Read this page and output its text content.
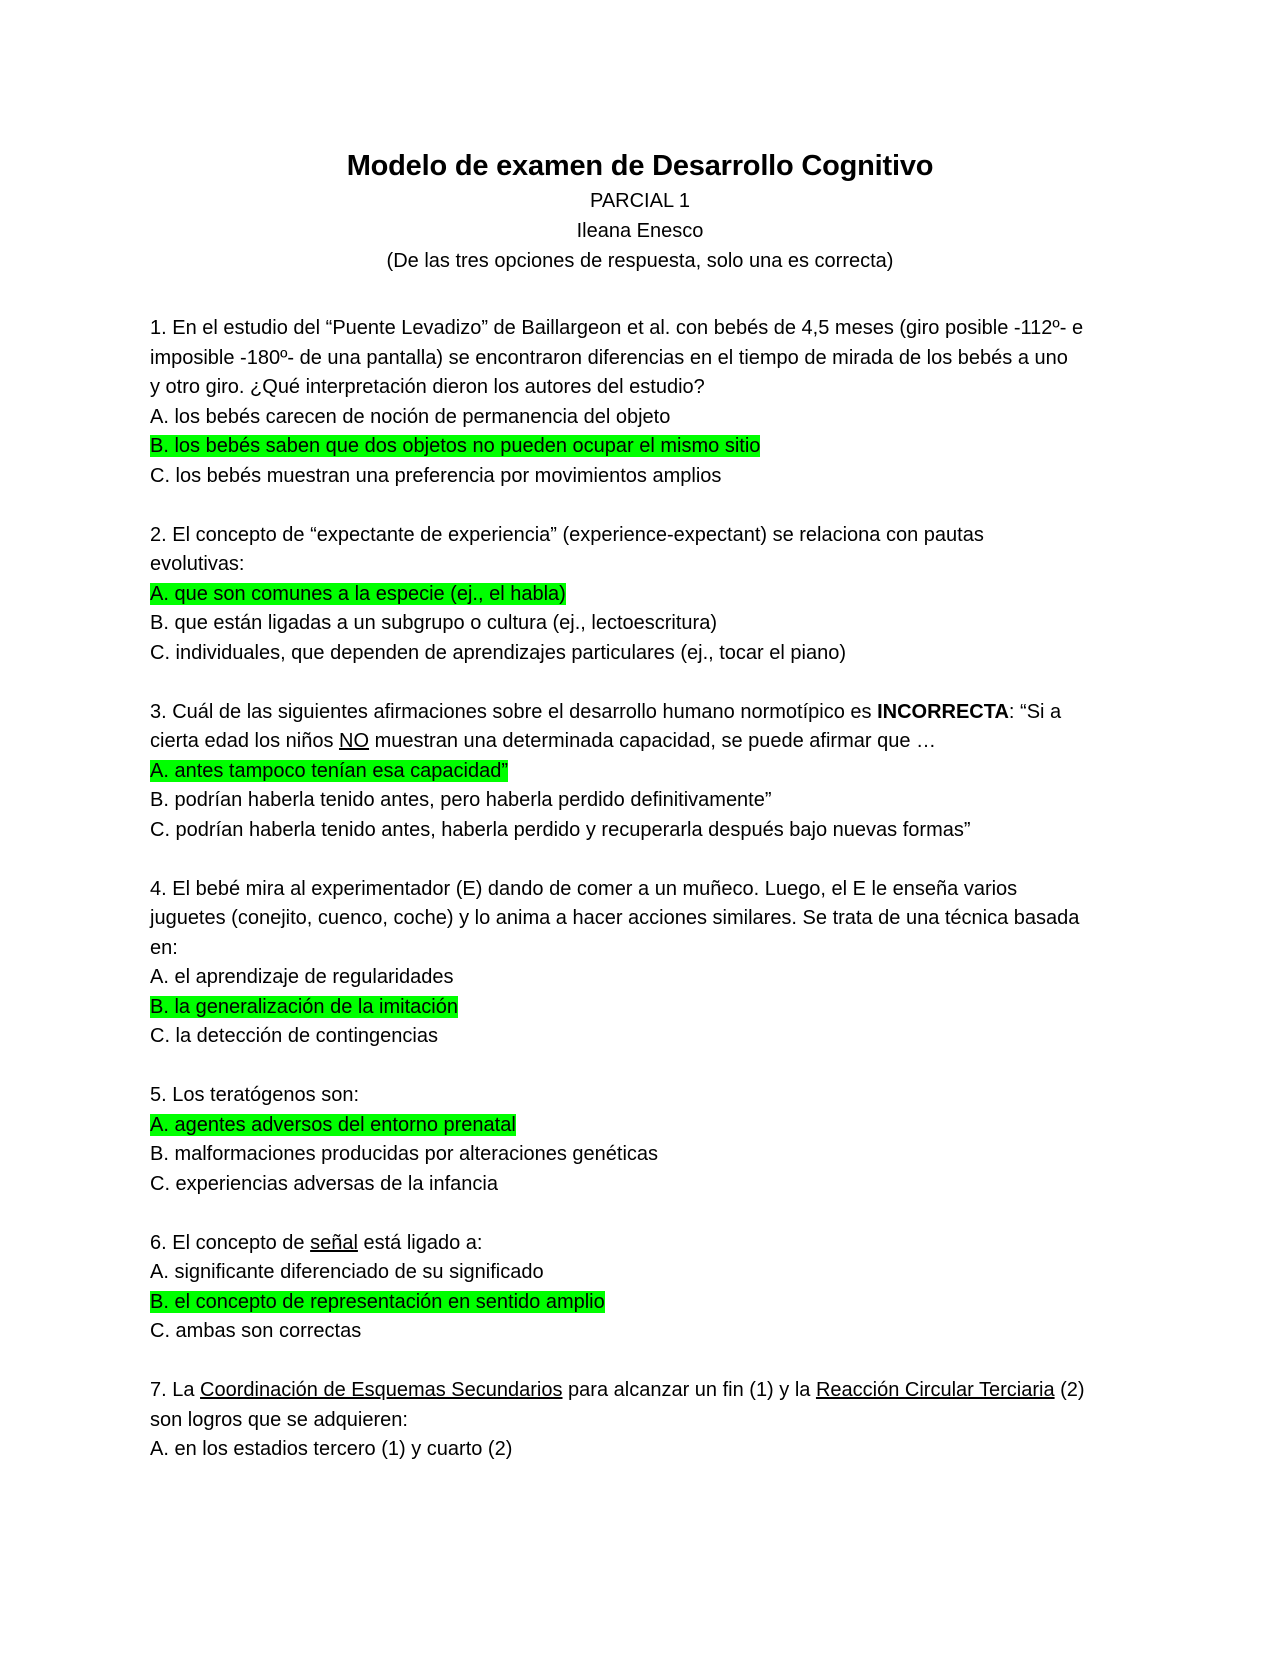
Modelo de examen de Desarrollo Cognitivo
PARCIAL 1
Ileana Enesco
(De las tres opciones de respuesta, solo una es correcta)
1. En el estudio del “Puente Levadizo” de Baillargeon et al. con bebés de 4,5 meses (giro posible -112º- e
imposible -180º- de una pantalla) se encontraron diferencias en el tiempo de mirada de los bebés a uno
y otro giro. ¿Qué interpretación dieron los autores del estudio?
A. los bebés carecen de noción de permanencia del objeto
B. los bebés saben que dos objetos no pueden ocupar el mismo sitio
C. los bebés muestran una preferencia por movimientos amplios
2. El concepto de “expectante de experiencia” (experience-expectant) se relaciona con pautas
evolutivas:
A. que son comunes a la especie (ej., el habla)
B. que están ligadas a un subgrupo o cultura (ej., lectoescritura)
C. individuales, que dependen de aprendizajes particulares (ej., tocar el piano)
3. Cuál de las siguientes afirmaciones sobre el desarrollo humano normotípico es INCORRECTA: “Si a
cierta edad los niños NO muestran una determinada capacidad, se puede afirmar que …
A. antes tampoco tenían esa capacidad”
B. podrían haberla tenido antes, pero haberla perdido definitivamente”
C. podrían haberla tenido antes, haberla perdido y recuperarla después bajo nuevas formas”
4. El bebé mira al experimentador (E) dando de comer a un muñeco. Luego, el E le enseña varios
juguetes (conejito, cuenco, coche) y lo anima a hacer acciones similares. Se trata de una técnica basada
en:
A. el aprendizaje de regularidades
B. la generalización de la imitación
C. la detección de contingencias
5. Los teratógenos son:
A. agentes adversos del entorno prenatal
B. malformaciones producidas por alteraciones genéticas
C. experiencias adversas de la infancia
6. El concepto de señal está ligado a:
A. significante diferenciado de su significado
B. el concepto de representación en sentido amplio
C. ambas son correctas
7. La Coordinación de Esquemas Secundarios para alcanzar un fin (1) y la Reacción Circular Terciaria (2)
son logros que se adquieren:
A. en los estadios tercero (1) y cuarto (2)
